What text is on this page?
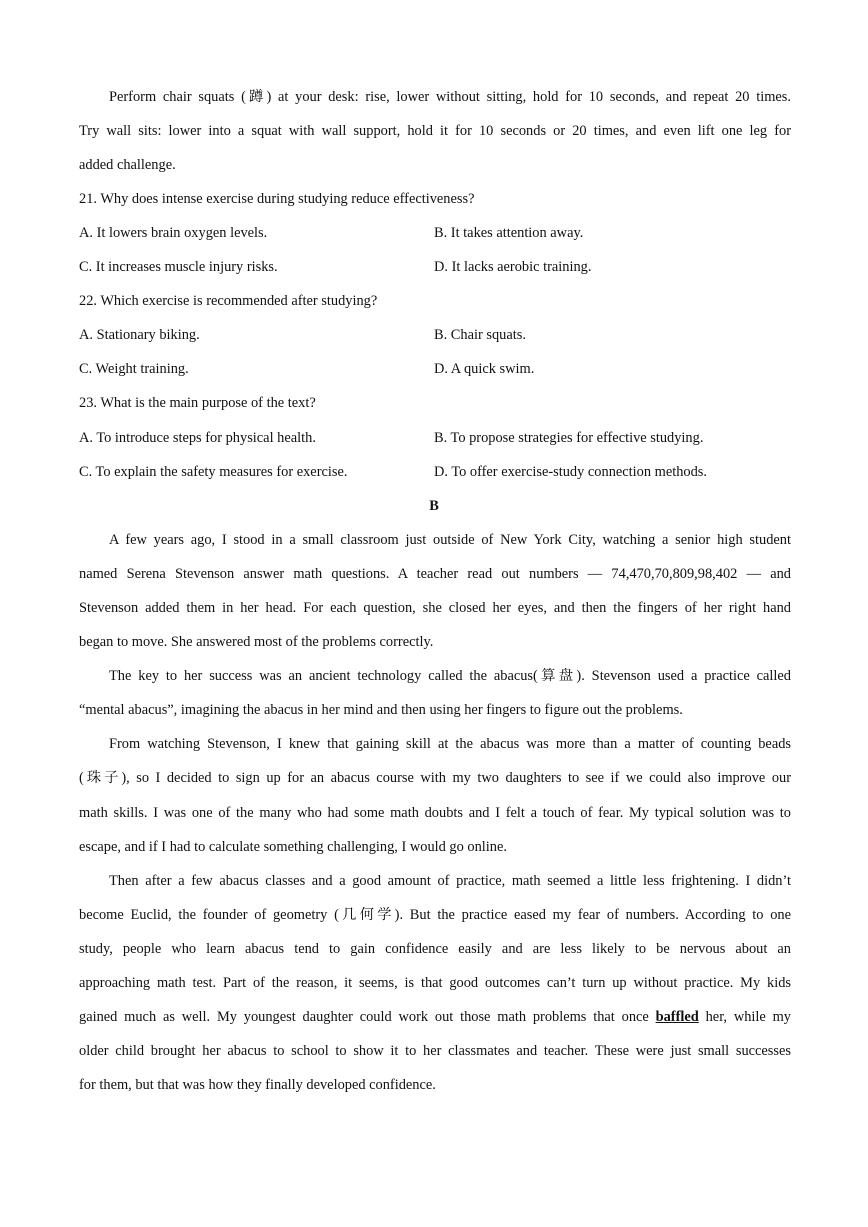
Perform chair squats (蹲) at your desk: rise, lower without sitting, hold for 10 seconds, and repeat 20 times.
Try wall sits: lower into a squat with wall support, hold it for 10 seconds or 20 times, and even lift one leg for
added challenge.
21. Why does intense exercise during studying reduce effectiveness?
A. It lowers brain oxygen levels.	B. It takes attention away.
C. It increases muscle injury risks.	D. It lacks aerobic training.
22. Which exercise is recommended after studying?
A. Stationary biking.	B. Chair squats.
C. Weight training.	D. A quick swim.
23. What is the main purpose of the text?
A. To introduce steps for physical health.	B. To propose strategies for effective studying.
C. To explain the safety measures for exercise.	D. To offer exercise-study connection methods.
B
A few years ago, I stood in a small classroom just outside of New York City, watching a senior high student
named Serena Stevenson answer math questions. A teacher read out numbers — 74,470,70,809,98,402 — and
Stevenson added them in her head. For each question, she closed her eyes, and then the fingers of her right hand
began to move. She answered most of the problems correctly.
The key to her success was an ancient technology called the abacus(算盘). Stevenson used a practice called
“mental abacus”, imagining the abacus in her mind and then using her fingers to figure out the problems.
From watching Stevenson, I knew that gaining skill at the abacus was more than a matter of counting beads
(珠子), so I decided to sign up for an abacus course with my two daughters to see if we could also improve our
math skills. I was one of the many who had some math doubts and I felt a touch of fear. My typical solution was to
escape, and if I had to calculate something challenging, I would go online.
Then after a few abacus classes and a good amount of practice, math seemed a little less frightening. I didn’t
become Euclid, the founder of geometry (几何学). But the practice eased my fear of numbers. According to one
study, people who learn abacus tend to gain confidence easily and are less likely to be nervous about an
approaching math test. Part of the reason, it seems, is that good outcomes can’t turn up without practice. My kids
gained much as well. My youngest daughter could work out those math problems that once baffled her, while my
older child brought her abacus to school to show it to her classmates and teacher. These were just small successes
for them, but that was how they finally developed confidence.
